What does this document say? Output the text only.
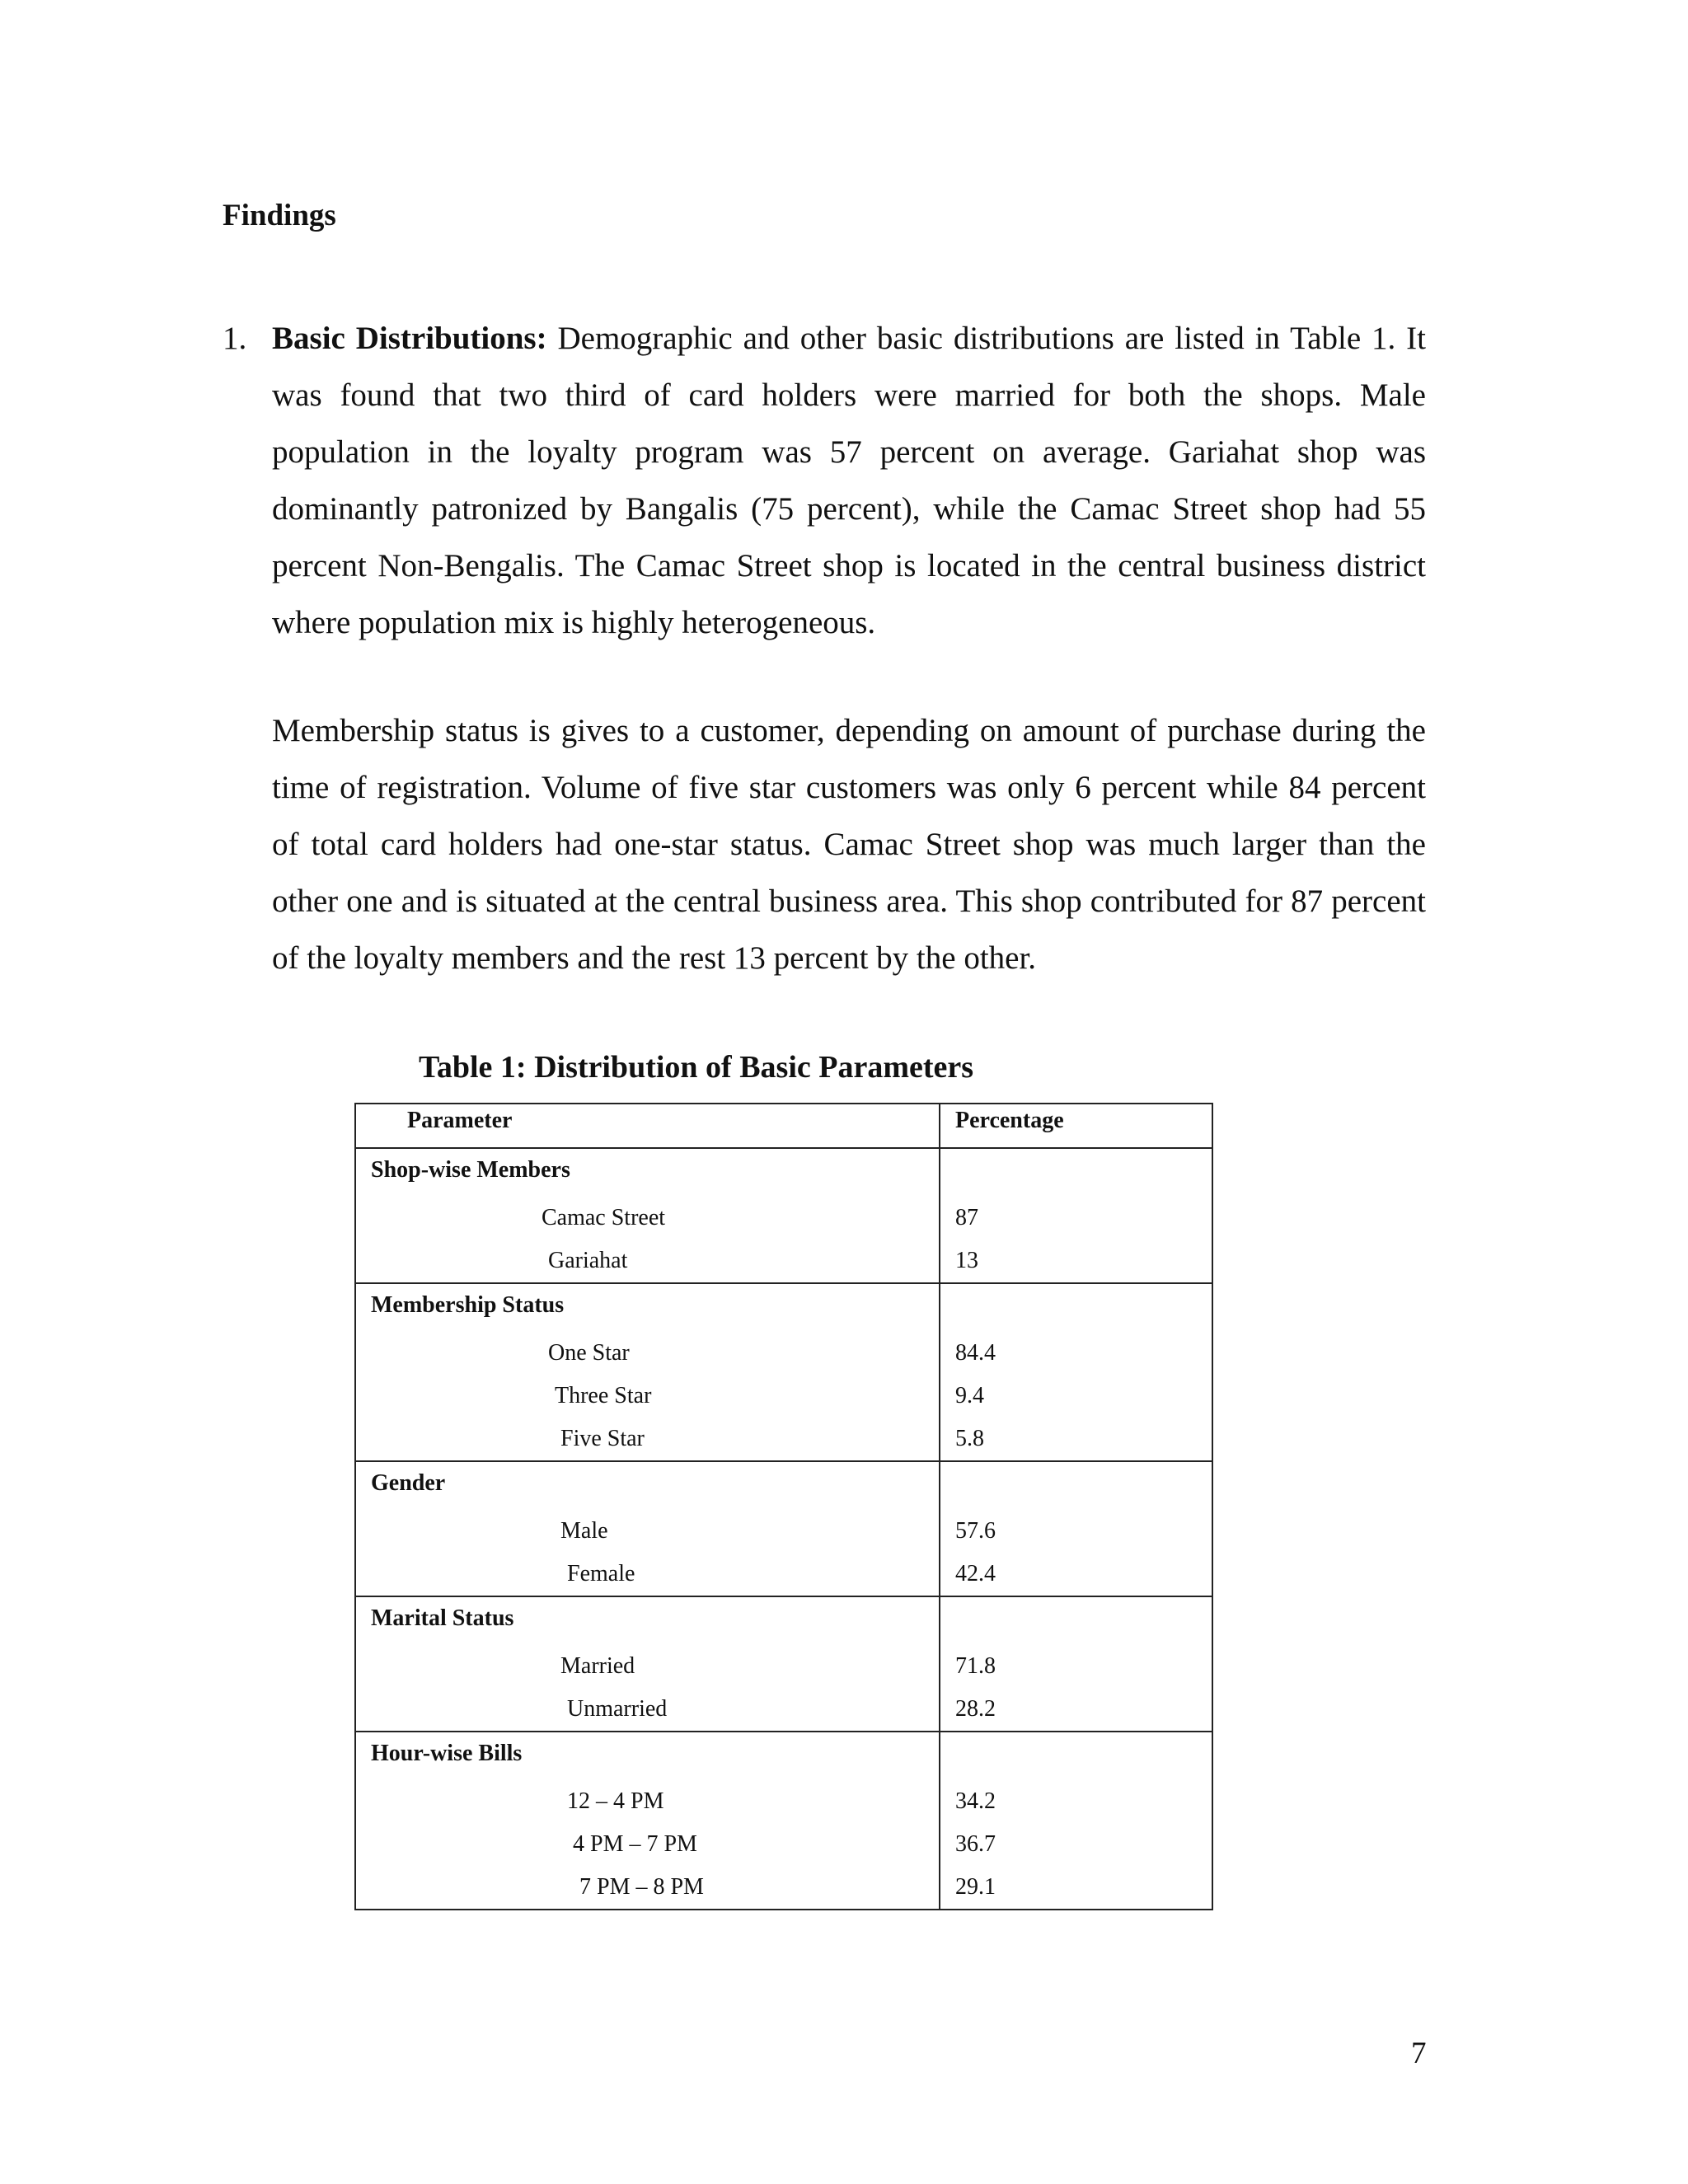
Findings
1. Basic Distributions: Demographic and other basic distributions are listed in Table 1. It was found that two third of card holders were married for both the shops. Male population in the loyalty program was 57 percent on average. Gariahat shop was dominantly patronized by Bangalis (75 percent), while the Camac Street shop had 55 percent Non-Bengalis. The Camac Street shop is located in the central business district where population mix is highly heterogeneous.

Membership status is gives to a customer, depending on amount of purchase during the time of registration. Volume of five star customers was only 6 percent while 84 percent of total card holders had one-star status. Camac Street shop was much larger than the other one and is situated at the central business area. This shop contributed for 87 percent of the loyalty members and the rest 13 percent by the other.

Table 1: Distribution of Basic Parameters
Parameter	Percentage
Shop-wise Members	
Camac Street	87
Gariahat	13
Membership Status	
One Star	84.4
Three Star	9.4
Five Star	5.8
Gender	
Male	57.6
Female	42.4
Marital Status	
Married	71.8
Unmarried	28.2
Hour-wise Bills	
12 – 4 PM	34.2
4 PM – 7 PM	36.7
7 PM – 8 PM	29.1
7
